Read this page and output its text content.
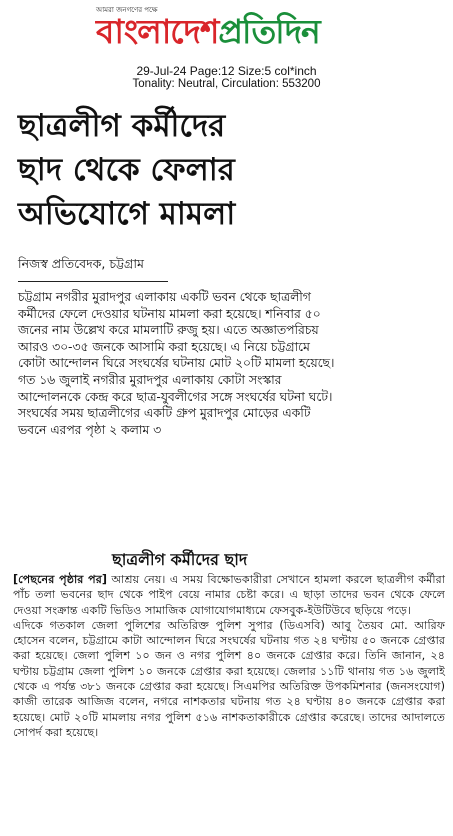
আমরা জনগণের পক্ষে
বাংলাদেশপ্রতিদিন
29-Jul-24 Page:12 Size:5 col*inch
Tonality: Neutral, Circulation: 553200
ছাত্রলীগ কর্মীদের
ছাদ থেকে ফেলার
অভিযোগে মামলা
নিজস্ব প্রতিবেদক, চট্টগ্রাম

চট্টগ্রাম নগরীর মুরাদপুর এলাকায় একটি ভবন থেকে ছাত্রলীগ কর্মীদের ফেলে দেওয়ার ঘটনায় মামলা করা হয়েছে। শনিবার ৫০ জনের নাম উল্লেখ করে মামলাটি রুজু হয়। এতে অজ্ঞাতপরিচয় আরও ৩০-৩৫ জনকে আসামি করা হয়েছে। এ নিয়ে চট্টগ্রামে কোটা আন্দোলন ঘিরে সংঘর্ষের ঘটনায় মোট ২০টি মামলা হয়েছে।

গত ১৬ জুলাই নগরীর মুরাদপুর এলাকায় কোটা সংস্কার আন্দোলনকে কেন্দ্র করে ছাত্র-যুবলীগের সঙ্গে সংঘর্ষের ঘটনা ঘটে। সংঘর্ষের সময় ছাত্রলীগের একটি গ্রুপ মুরাদপুর মোড়ের একটি ভবনে এরপর পৃষ্ঠা ২ কলাম ৩

ছাত্রলীগ কর্মীদের ছাদ

[পেছনের পৃষ্ঠার পর] আশ্রয় নেয়। এ সময় বিক্ষোভকারীরা সেখানে হামলা করলে ছাত্রলীগ কর্মীরা পাঁচ তলা ভবনের ছাদ থেকে পাইপ বেয়ে নামার চেষ্টা করে। এ ছাড়া তাদের ভবন থেকে ফেলে দেওয়া সংক্রান্ত একটি ভিডিও সামাজিক যোগাযোগমাধ্যমে ফেসবুক-ইউটিউবে ছড়িয়ে পড়ে।

এদিকে গতকাল জেলা পুলিশের অতিরিক্ত পুলিশ সুপার (ডিএসবি) আবু তৈয়ব মো. আরিফ হোসেন বলেন, চট্টগ্রামে কাটা আন্দোলন ঘিরে সংঘর্ষের ঘটনায় গত ২৪ ঘণ্টায় ৫০ জনকে গ্রেপ্তার করা হয়েছে। জেলা পুলিশ ১০ জন ও নগর পুলিশ ৪০ জনকে গ্রেপ্তার করে। তিনি জানান, ২৪ ঘণ্টায় চট্টগ্রাম জেলা পুলিশ ১০ জনকে গ্রেপ্তার করা হয়েছে। জেলার ১১টি থানায় গত ১৬ জুলাই থেকে এ পর্যন্ত ৩৮১ জনকে গ্রেপ্তার করা হয়েছে। সিএমপির অতিরিক্ত উপকমিশনার (জনসংযোগ) কাজী তারেক আজিজ বলেন, নগরে নাশকতার ঘটনায় গত ২৪ ঘণ্টায় ৪০ জনকে গ্রেপ্তার করা হয়েছে। মোট ২০টি মামলায় নগর পুলিশ ৫১৬ নাশকতাকারীকে গ্রেপ্তার করেছে। তাদের আদালতে সোপর্দ করা হয়েছে।
